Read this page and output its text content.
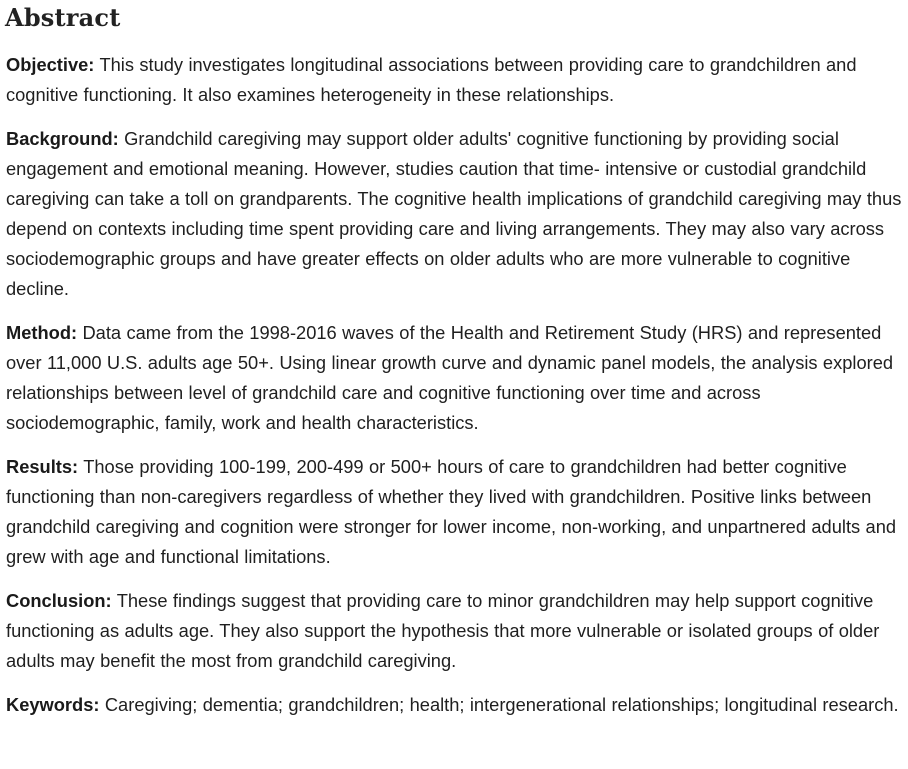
Abstract

Objective: This study investigates longitudinal associations between providing care to grandchildren and cognitive functioning. It also examines heterogeneity in these relationships.

Background: Grandchild caregiving may support older adults' cognitive functioning by providing social engagement and emotional meaning. However, studies caution that time- intensive or custodial grandchild caregiving can take a toll on grandparents. The cognitive health implications of grandchild caregiving may thus depend on contexts including time spent providing care and living arrangements. They may also vary across sociodemographic groups and have greater effects on older adults who are more vulnerable to cognitive decline.

Method: Data came from the 1998-2016 waves of the Health and Retirement Study (HRS) and represented over 11,000 U.S. adults age 50+. Using linear growth curve and dynamic panel models, the analysis explored relationships between level of grandchild care and cognitive functioning over time and across sociodemographic, family, work and health characteristics.

Results: Those providing 100-199, 200-499 or 500+ hours of care to grandchildren had better cognitive functioning than non-caregivers regardless of whether they lived with grandchildren. Positive links between grandchild caregiving and cognition were stronger for lower income, non-working, and unpartnered adults and grew with age and functional limitations.

Conclusion: These findings suggest that providing care to minor grandchildren may help support cognitive functioning as adults age. They also support the hypothesis that more vulnerable or isolated groups of older adults may benefit the most from grandchild caregiving.

Keywords: Caregiving; dementia; grandchildren; health; intergenerational relationships; longitudinal research.
